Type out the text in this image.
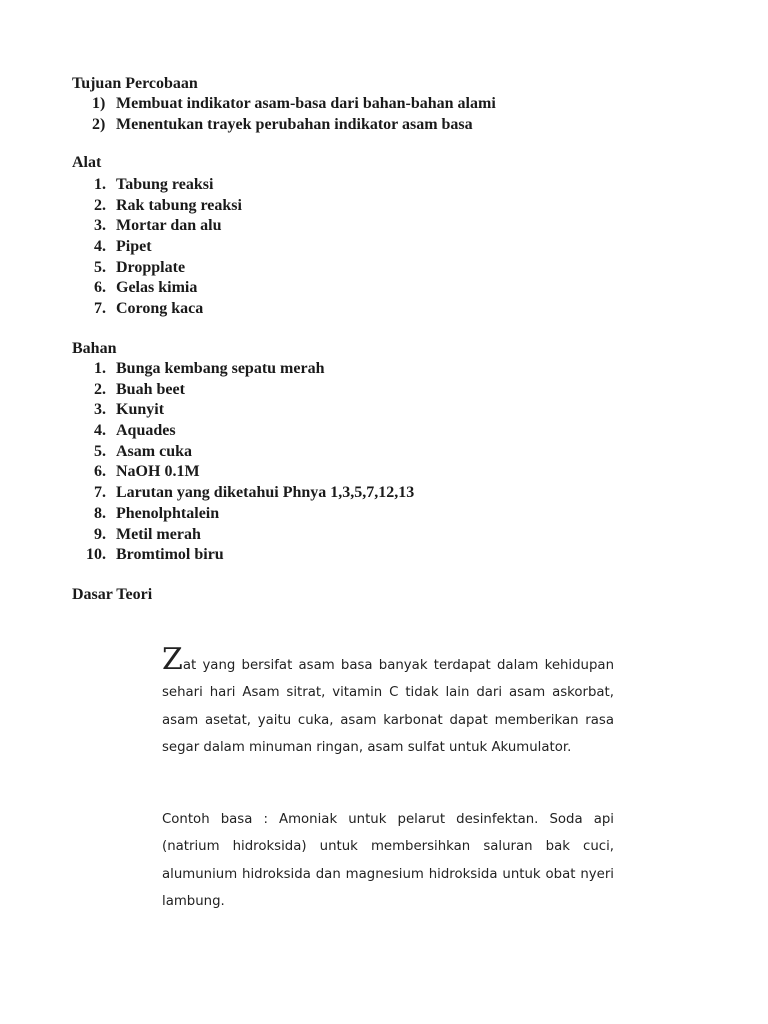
Tujuan Percobaan
1) Membuat indikator asam-basa dari bahan-bahan alami
2) Menentukan trayek perubahan indikator asam basa
Alat
1. Tabung reaksi
2. Rak tabung reaksi
3. Mortar dan alu
4. Pipet
5. Dropplate
6. Gelas kimia
7. Corong kaca
Bahan
1. Bunga kembang sepatu merah
2. Buah beet
3. Kunyit
4. Aquades
5. Asam cuka
6. NaOH 0.1M
7. Larutan yang diketahui Phnya 1,3,5,7,12,13
8. Phenolphtalein
9. Metil merah
10. Bromtimol biru
Dasar Teori

Zat yang bersifat asam basa banyak terdapat dalam kehidupan sehari hari Asam sitrat, vitamin C tidak lain dari asam askorbat, asam asetat, yaitu cuka, asam karbonat dapat memberikan rasa segar dalam minuman ringan, asam sulfat untuk Akumulator.

Contoh basa : Amoniak untuk pelarut desinfektan. Soda api (natrium hidroksida) untuk membersihkan saluran bak cuci, alumunium hidroksida dan magnesium hidroksida untuk obat nyeri lambung.
